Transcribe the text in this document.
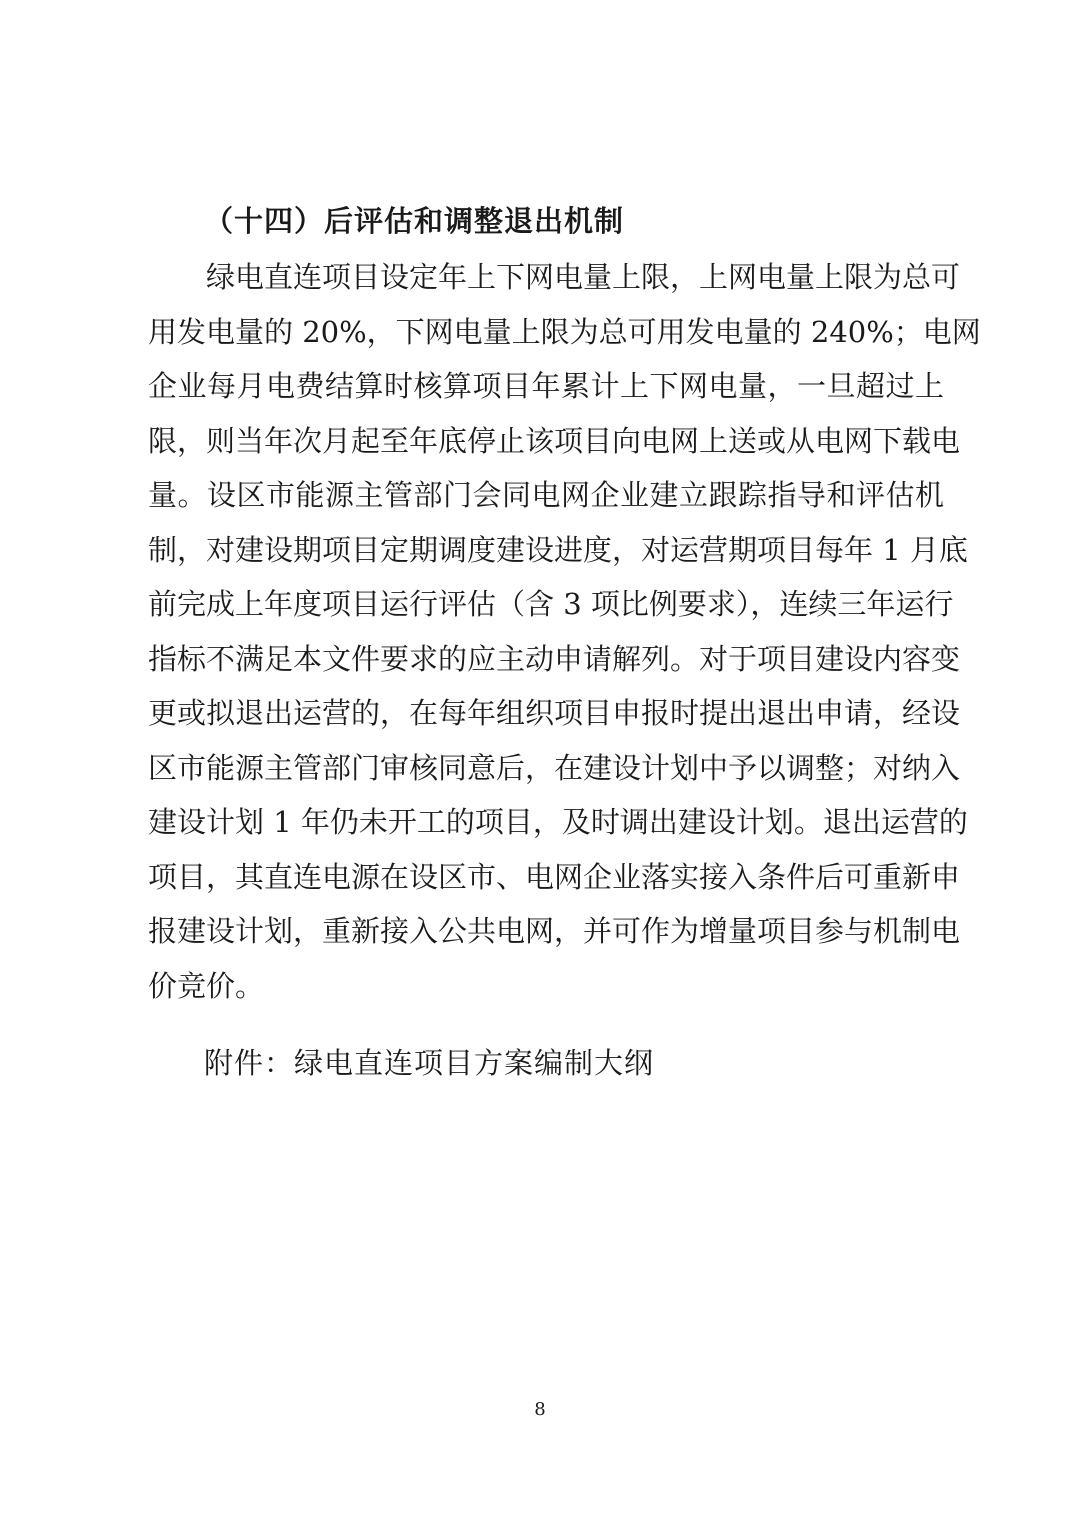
（十四）后评估和调整退出机制
　　绿电直连项目设定年上下网电量上限，上网电量上限为总可
用发电量的 20%，下网电量上限为总可用发电量的 240%；电网
企业每月电费结算时核算项目年累计上下网电量，一旦超过上
限，则当年次月起至年底停止该项目向电网上送或从电网下载电
量。设区市能源主管部门会同电网企业建立跟踪指导和评估机
制，对建设期项目定期调度建设进度，对运营期项目每年 1 月底
前完成上年度项目运行评估（含 3 项比例要求），连续三年运行
指标不满足本文件要求的应主动申请解列。对于项目建设内容变
更或拟退出运营的，在每年组织项目申报时提出退出申请，经设
区市能源主管部门审核同意后，在建设计划中予以调整；对纳入
建设计划 1 年仍未开工的项目，及时调出建设计划。退出运营的
项目，其直连电源在设区市、电网企业落实接入条件后可重新申
报建设计划，重新接入公共电网，并可作为增量项目参与机制电
价竞价。
附件：绿电直连项目方案编制大纲
8
